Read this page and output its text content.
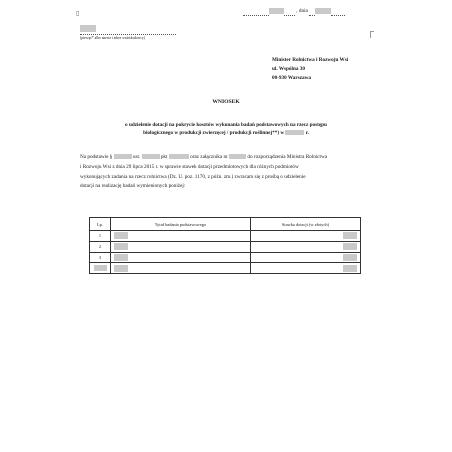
▯	, dnia
(pieczęć* albo nazwa i adres wnioskodawcy)
Minister Rolnictwa i Rozwoju Wsi
ul. Wspólna 30
00-930 Warszawa
WNIOSEK
o udzielenie dotacji na pokrycie kosztów wykonania badań podstawowych na rzecz postępu
biologicznego w produkcji zwierzęcej / produkcji roślinnej**) w	r.
Na podstawie §	ust.	pkt	oraz załącznika nr	do rozporządzenia Ministra Rolnictwa
i Rozwoju Wsi z dnia 29 lipca 2015 r. w sprawie stawek dotacji przedmiotowych dla różnych podmiotów
wykonujących zadania na rzecz rolnictwa (Dz. U. poz. 1170, z późn. zm.) zwracam się z prośbą o udzielenie
dotacji na realizację badań wymienionych poniżej:
Lp.	Tytuł badania podstawowego	Stawka dotacji (w złotych)
1		
2		
3		
